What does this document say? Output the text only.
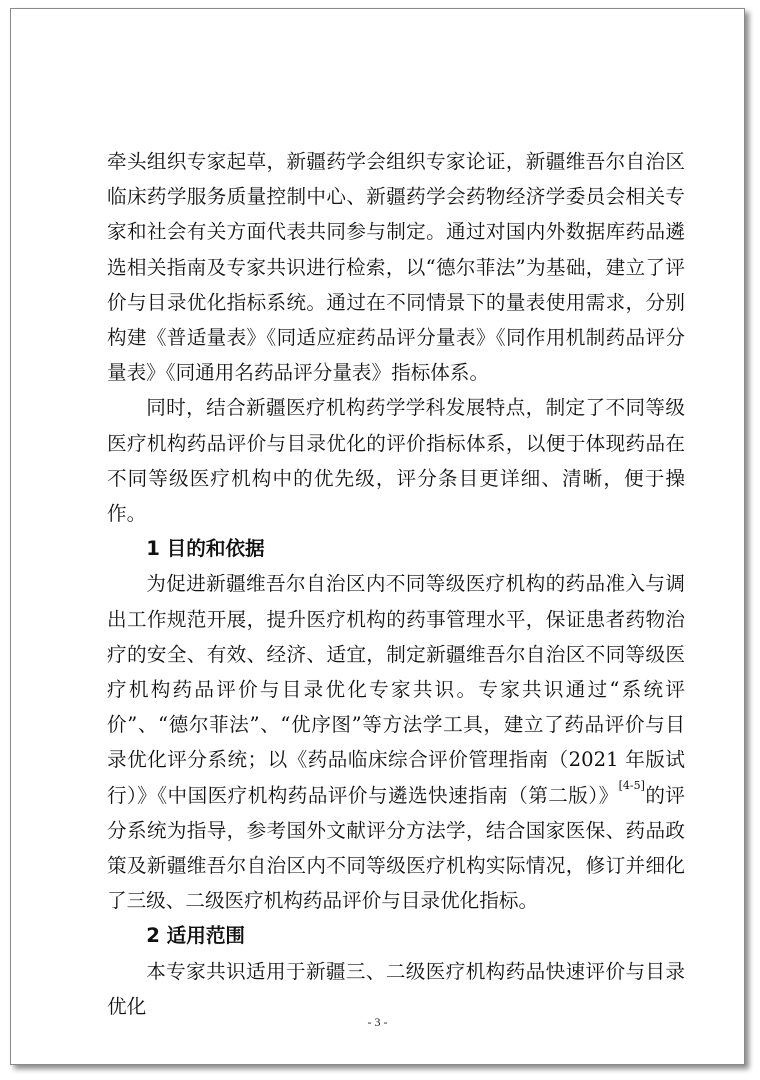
牵头组织专家起草，新疆药学会组织专家论证，新疆维吾尔自治区临床药学服务质量控制中心、新疆药学会药物经济学委员会相关专家和社会有关方面代表共同参与制定。通过对国内外数据库药品遴选相关指南及专家共识进行检索，以“德尔菲法”为基础，建立了评价与目录优化指标系统。通过在不同情景下的量表使用需求，分别构建《普适量表》《同适应症药品评分量表》《同作用机制药品评分量表》《同通用名药品评分量表》指标体系。

同时，结合新疆医疗机构药学学科发展特点，制定了不同等级医疗机构药品评价与目录优化的评价指标体系，以便于体现药品在不同等级医疗机构中的优先级，评分条目更详细、清晰，便于操作。

1 目的和依据

为促进新疆维吾尔自治区内不同等级医疗机构的药品准入与调出工作规范开展，提升医疗机构的药事管理水平，保证患者药物治疗的安全、有效、经济、适宜，制定新疆维吾尔自治区不同等级医疗机构药品评价与目录优化专家共识。专家共识通过“系统评价”、“德尔菲法”、“优序图”等方法学工具，建立了药品评价与目录优化评分系统；以《药品临床综合评价管理指南（2021 年版试行）》《中国医疗机构药品评价与遴选快速指南（第二版）》[4-5]的评分系统为指导，参考国外文献评分方法学，结合国家医保、药品政策及新疆维吾尔自治区内不同等级医疗机构实际情况，修订并细化了三级、二级医疗机构药品评价与目录优化指标。

2 适用范围

本专家共识适用于新疆三、二级医疗机构药品快速评价与目录优化

- 3 -
